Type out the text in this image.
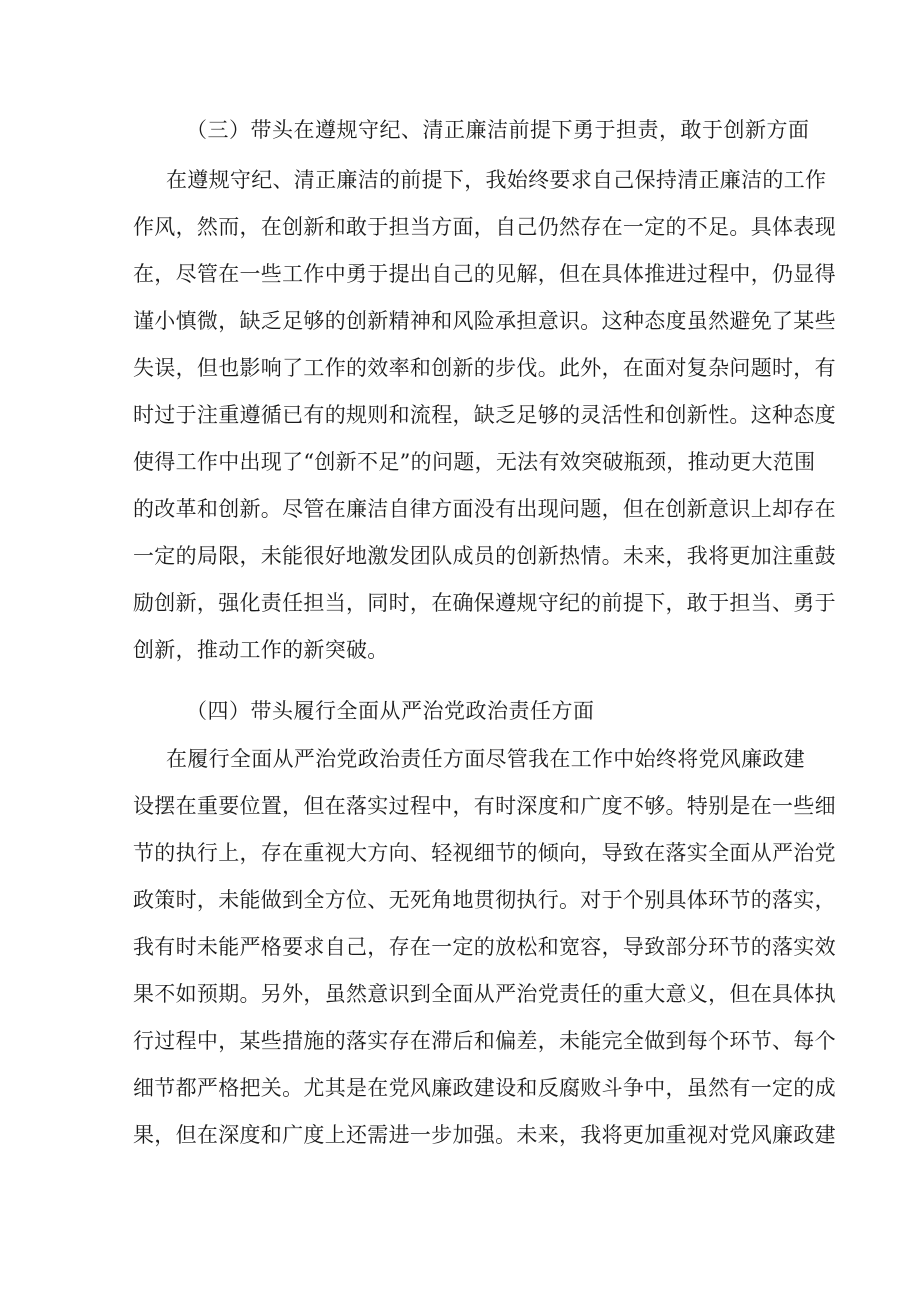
（三）带头在遵规守纪、清正廉洁前提下勇于担责，敢于创新方面
在遵规守纪、清正廉洁的前提下，我始终要求自己保持清正廉洁的工作
作风，然而，在创新和敢于担当方面，自己仍然存在一定的不足。具体表现
在，尽管在一些工作中勇于提出自己的见解，但在具体推进过程中，仍显得
谨小慎微，缺乏足够的创新精神和风险承担意识。这种态度虽然避免了某些
失误，但也影响了工作的效率和创新的步伐。此外，在面对复杂问题时，有
时过于注重遵循已有的规则和流程，缺乏足够的灵活性和创新性。这种态度
使得工作中出现了“创新不足”的问题，无法有效突破瓶颈，推动更大范围
的改革和创新。尽管在廉洁自律方面没有出现问题，但在创新意识上却存在
一定的局限，未能很好地激发团队成员的创新热情。未来，我将更加注重鼓
励创新，强化责任担当，同时，在确保遵规守纪的前提下，敢于担当、勇于
创新，推动工作的新突破。
（四）带头履行全面从严治党政治责任方面
在履行全面从严治党政治责任方面尽管我在工作中始终将党风廉政建
设摆在重要位置，但在落实过程中，有时深度和广度不够。特别是在一些细
节的执行上，存在重视大方向、轻视细节的倾向，导致在落实全面从严治党
政策时，未能做到全方位、无死角地贯彻执行。对于个别具体环节的落实，
我有时未能严格要求自己，存在一定的放松和宽容，导致部分环节的落实效
果不如预期。另外，虽然意识到全面从严治党责任的重大意义，但在具体执
行过程中，某些措施的落实存在滞后和偏差，未能完全做到每个环节、每个
细节都严格把关。尤其是在党风廉政建设和反腐败斗争中，虽然有一定的成
果，但在深度和广度上还需进一步加强。未来，我将更加重视对党风廉政建
